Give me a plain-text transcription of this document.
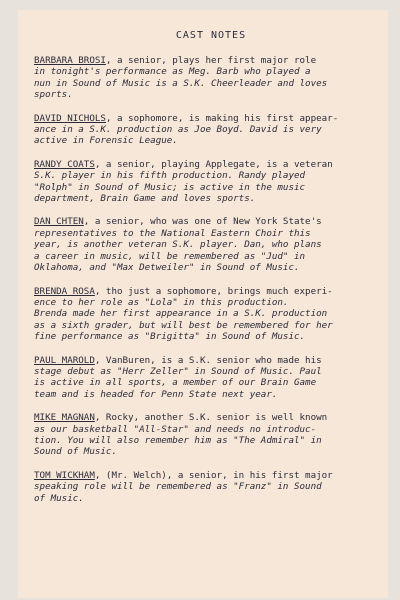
CAST NOTES
BARBARA BROSI, a senior, plays her first major role
in tonight's performance as Meg. Barb who played a
nun in Sound of Music is a S.K. Cheerleader and loves
sports.
DAVID NICHOLS, a sophomore, is making his first appear-
ance in a S.K. production as Joe Boyd. David is very
active in Forensic League.
RANDY COATS, a senior, playing Applegate, is a veteran
S.K. player in his fifth production. Randy played
"Rolph" in Sound of Music; is active in the music
department, Brain Game and loves sports.
DAN CHTEN, a senior, who was one of New York State's
representatives to the National Eastern Choir this
year, is another veteran S.K. player. Dan, who plans
a career in music, will be remembered as "Jud" in
Oklahoma, and "Max Detweiler" in Sound of Music.
BRENDA ROSA, tho just a sophomore, brings much experi-
ence to her role as "Lola" in this production.
Brenda made her first appearance in a S.K. production
as a sixth grader, but will best be remembered for her
fine performance as "Brigitta" in Sound of Music.
PAUL MAROLD, VanBuren, is a S.K. senior who made his
stage debut as "Herr Zeller" in Sound of Music. Paul
is active in all sports, a member of our Brain Game
team and is headed for Penn State next year.
MIKE MAGNAN, Rocky, another S.K. senior is well known
as our basketball "All-Star" and needs no introduc-
tion. You will also remember him as "The Admiral" in
Sound of Music.
TOM WICKHAM, (Mr. Welch), a senior, in his first major
speaking role will be remembered as "Franz" in Sound
of Music.
